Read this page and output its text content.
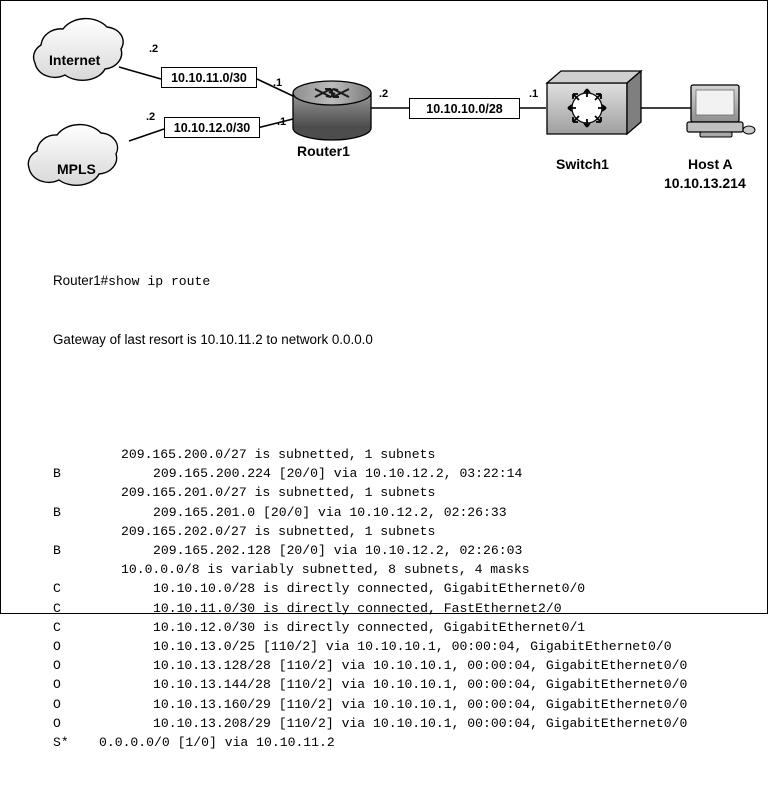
Internet
MPLS
.2
.2
.1
.1
.2	.1
10.10.11.0/30
10.10.12.0/30
10.10.10.0/28
Router1
Switch1	Host A
10.10.13.214

Router1#show ip route

Gateway of last resort is 10.10.11.2 to network 0.0.0.0

209.165.200.0/27 is subnetted, 1 subnets
B	209.165.200.224 [20/0] via 10.10.12.2, 03:22:14
209.165.201.0/27 is subnetted, 1 subnets
B	209.165.201.0 [20/0] via 10.10.12.2, 02:26:33
209.165.202.0/27 is subnetted, 1 subnets
B	209.165.202.128 [20/0] via 10.10.12.2, 02:26:03
10.0.0.0/8 is variably subnetted, 8 subnets, 4 masks
C	10.10.10.0/28 is directly connected, GigabitEthernet0/0
C	10.10.11.0/30 is directly connected, FastEthernet2/0
C	10.10.12.0/30 is directly connected, GigabitEthernet0/1
O	10.10.13.0/25 [110/2] via 10.10.10.1, 00:00:04, GigabitEthernet0/0
O	10.10.13.128/28 [110/2] via 10.10.10.1, 00:00:04, GigabitEthernet0/0
O	10.10.13.144/28 [110/2] via 10.10.10.1, 00:00:04, GigabitEthernet0/0
O	10.10.13.160/29 [110/2] via 10.10.10.1, 00:00:04, GigabitEthernet0/0
O	10.10.13.208/29 [110/2] via 10.10.10.1, 00:00:04, GigabitEthernet0/0
S* 0.0.0.0/0 [1/0] via 10.10.11.2
